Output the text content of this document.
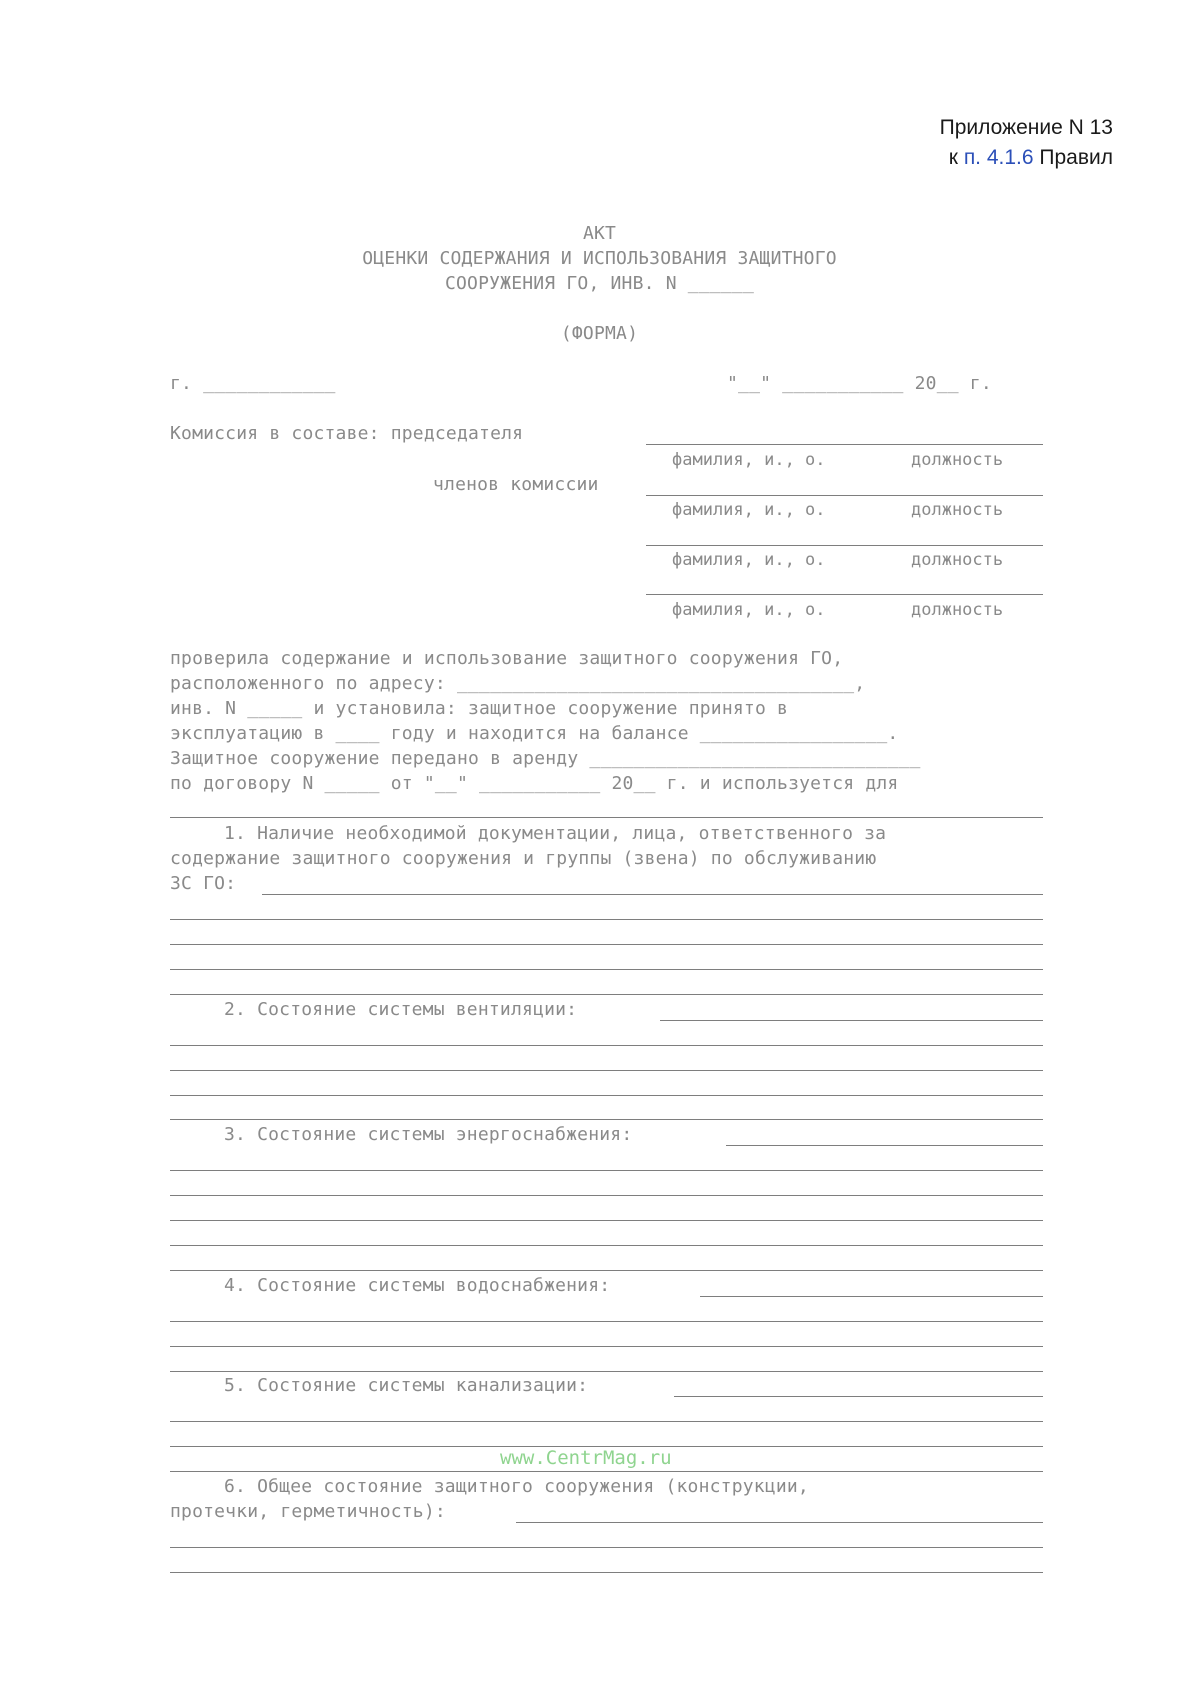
Приложение N 13
к п. 4.1.6 Правил
АКТ
ОЦЕНКИ СОДЕРЖАНИЯ И ИСПОЛЬЗОВАНИЯ ЗАЩИТНОГО
СООРУЖЕНИЯ ГО, ИНВ. N ______
(ФОРМА)
г. ____________	"__" ___________ 20__ г.
Комиссия в составе: председателя
фамилия, и., о.	должность
членов комиссии
фамилия, и., о.	должность
фамилия, и., о.	должность
фамилия, и., о.	должность
проверила содержание и использование защитного сооружения ГО,
расположенного по адресу: ____________________________________,
инв. N _____ и установила: защитное сооружение принято в
эксплуатацию в ____ году и находится на балансе _________________.
Защитное сооружение передано в аренду ______________________________
по договору N _____ от "__" ___________ 20__ г. и используется для
1. Наличие необходимой документации, лица, ответственного за
содержание защитного сооружения и группы (звена) по обслуживанию
ЗС ГО:
2. Состояние системы вентиляции:
3. Состояние системы энергоснабжения:
4. Состояние системы водоснабжения:
5. Состояние системы канализации:
www.CentrMag.ru
6. Общее состояние защитного сооружения (конструкции,
протечки, герметичность):
